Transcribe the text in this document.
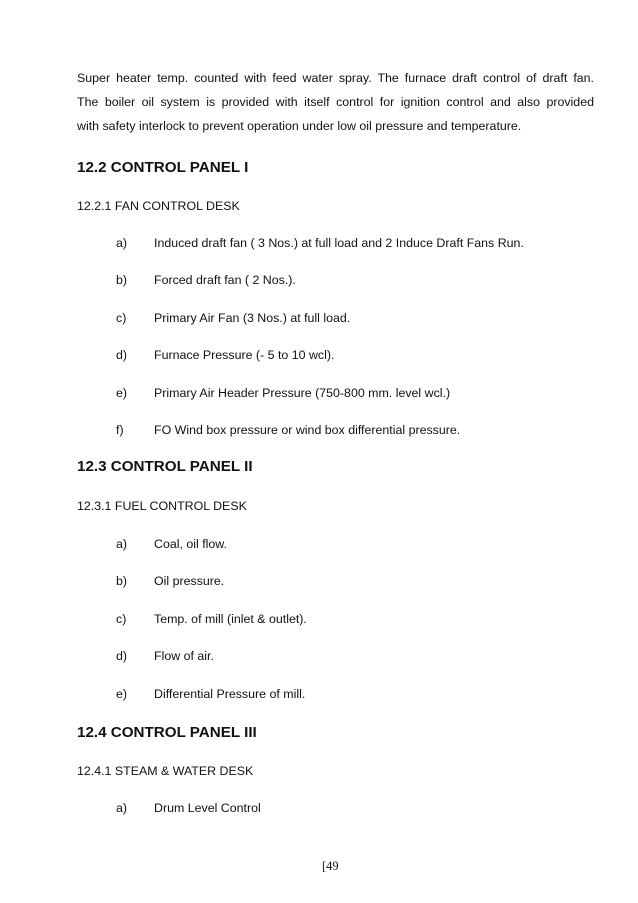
Super heater temp. counted with feed water spray. The furnace draft control of draft fan.
The boiler oil system is provided with itself control for ignition control and also provided
with safety interlock to prevent operation under low oil pressure and temperature.
12.2 CONTROL PANEL I
12.2.1 FAN CONTROL DESK
a) Induced draft fan ( 3 Nos.) at full load and 2 Induce Draft Fans Run.
b) Forced draft fan ( 2 Nos.).
c) Primary Air Fan (3 Nos.) at full load.
d) Furnace Pressure (- 5 to 10 wcl).
e) Primary Air Header Pressure (750-800 mm. level wcl.)
f) FO Wind box pressure or wind box differential pressure.
12.3 CONTROL PANEL II
12.3.1 FUEL CONTROL DESK
a) Coal, oil flow.
b) Oil pressure.
c) Temp. of mill (inlet & outlet).
d) Flow of air.
e) Differential Pressure of mill.
12.4 CONTROL PANEL III
12.4.1 STEAM & WATER DESK
a) Drum Level Control
[49
